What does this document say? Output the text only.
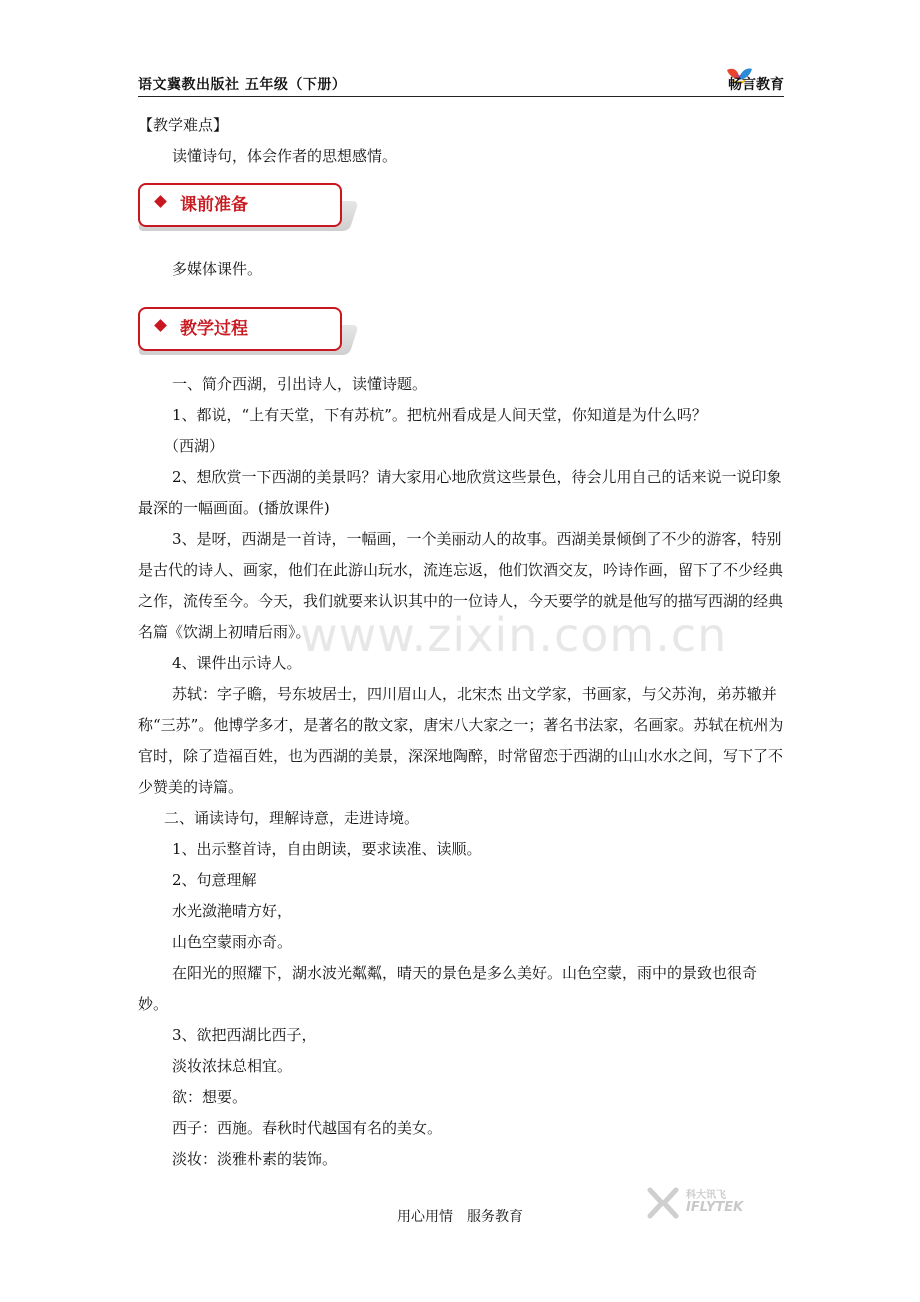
语文冀教出版社 五年级（下册）	畅言教育

【教学难点】

读懂诗句，体会作者的思想感情。

课前准备

多媒体课件。

教学过程

一、简介西湖，引出诗人，读懂诗题。

1、都说，“上有天堂，下有苏杭”。把杭州看成是人间天堂，你知道是为什么吗？

（西湖）

2、想欣赏一下西湖的美景吗？请大家用心地欣赏这些景色，待会儿用自己的话来说一说印象最深的一幅画面。(播放课件)

3、是呀，西湖是一首诗，一幅画，一个美丽动人的故事。西湖美景倾倒了不少的游客，特别是古代的诗人、画家，他们在此游山玩水，流连忘返，他们饮酒交友，吟诗作画，留下了不少经典之作，流传至今。今天，我们就要来认识其中的一位诗人，今天要学的就是他写的描写西湖的经典名篇《饮湖上初晴后雨》。

4、课件出示诗人。

苏轼：字子瞻，号东坡居士，四川眉山人，北宋杰 出文学家，书画家，与父苏洵，弟苏辙并称“三苏”。他博学多才，是著名的散文家，唐宋八大家之一；著名书法家，名画家。苏轼在杭州为官时，除了造福百姓，也为西湖的美景，深深地陶醉，时常留恋于西湖的山山水水之间，写下了不少赞美的诗篇。

二、诵读诗句，理解诗意，走进诗境。

1、出示整首诗，自由朗读，要求读准、读顺。

2、句意理解

水光潋滟晴方好，

山色空蒙雨亦奇。

在阳光的照耀下，湖水波光粼粼，晴天的景色是多么美好。山色空蒙，雨中的景致也很奇妙。

3、欲把西湖比西子，

淡妆浓抹总相宜。

欲：想要。

西子：西施。春秋时代越国有名的美女。

淡妆：淡雅朴素的装饰。

www.zixin.com.cn
用心用情　服务教育
科大讯飞
IFLYTEK
